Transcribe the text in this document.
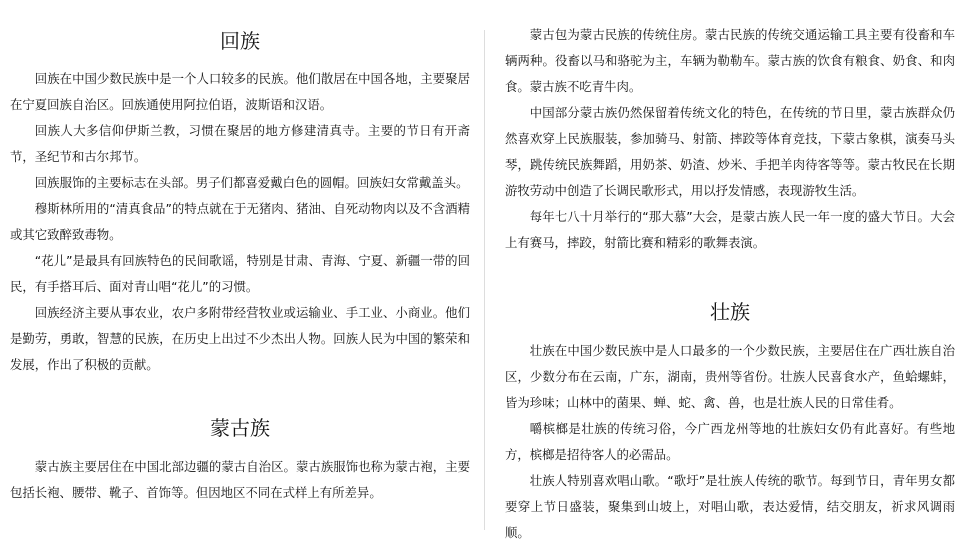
回族

回族在中国少数民族中是一个人口较多的民族。他们散居在中国各地，主要聚居在宁夏回族自治区。回族通使用阿拉伯语，波斯语和汉语。

回族人大多信仰伊斯兰教，习惯在聚居的地方修建清真寺。主要的节日有开斋节，圣纪节和古尔邦节。

回族服饰的主要标志在头部。男子们都喜爱戴白色的圆帽。回族妇女常戴盖头。

穆斯林所用的“清真食品”的特点就在于无猪肉、猪油、自死动物肉以及不含酒精或其它致醉致毒物。

“花儿”是最具有回族特色的民间歌谣，特别是甘肃、青海、宁夏、新疆一带的回民，有手搭耳后、面对青山唱“花儿”的习惯。

回族经济主要从事农业，农户多附带经营牧业或运输业、手工业、小商业。他们是勤劳，勇敢，智慧的民族，在历史上出过不少杰出人物。回族人民为中国的繁荣和发展，作出了积极的贡献。

蒙古族

蒙古族主要居住在中国北部边疆的蒙古自治区。蒙古族服饰也称为蒙古袍，主要包括长袍、腰带、靴子、首饰等。但因地区不同在式样上有所差异。

蒙古包为蒙古民族的传统住房。蒙古民族的传统交通运输工具主要有役畜和车辆两种。役畜以马和骆驼为主，车辆为勒勒车。蒙古族的饮食有粮食、奶食、和肉食。蒙古族不吃青牛肉。

中国部分蒙古族仍然保留着传统文化的特色，在传统的节日里，蒙古族群众仍然喜欢穿上民族服装，参加骑马、射箭、摔跤等体育竞技，下蒙古象棋，演奏马头琴，跳传统民族舞蹈，用奶茶、奶渣、炒米、手把羊肉待客等等。蒙古牧民在长期游牧劳动中创造了长调民歌形式，用以抒发情感，表现游牧生活。

每年七八十月举行的“那大慕”大会，是蒙古族人民一年一度的盛大节日。大会上有赛马，摔跤，射箭比赛和精彩的歌舞表演。

壮族

壮族在中国少数民族中是人口最多的一个少数民族，主要居住在广西壮族自治区，少数分布在云南，广东，湖南，贵州等省份。壮族人民喜食水产，鱼蛤螺蚌，皆为珍味；山林中的菌果、蝉、蛇、禽、兽，也是壮族人民的日常佳肴。

嚼槟榔是壮族的传统习俗，今广西龙州等地的壮族妇女仍有此喜好。有些地方，槟榔是招待客人的必需品。

壮族人特别喜欢唱山歌。“歌圩”是壮族人传统的歌节。每到节日，青年男女都要穿上节日盛装，聚集到山坡上，对唱山歌，表达爱情，结交朋友，祈求风调雨顺。
